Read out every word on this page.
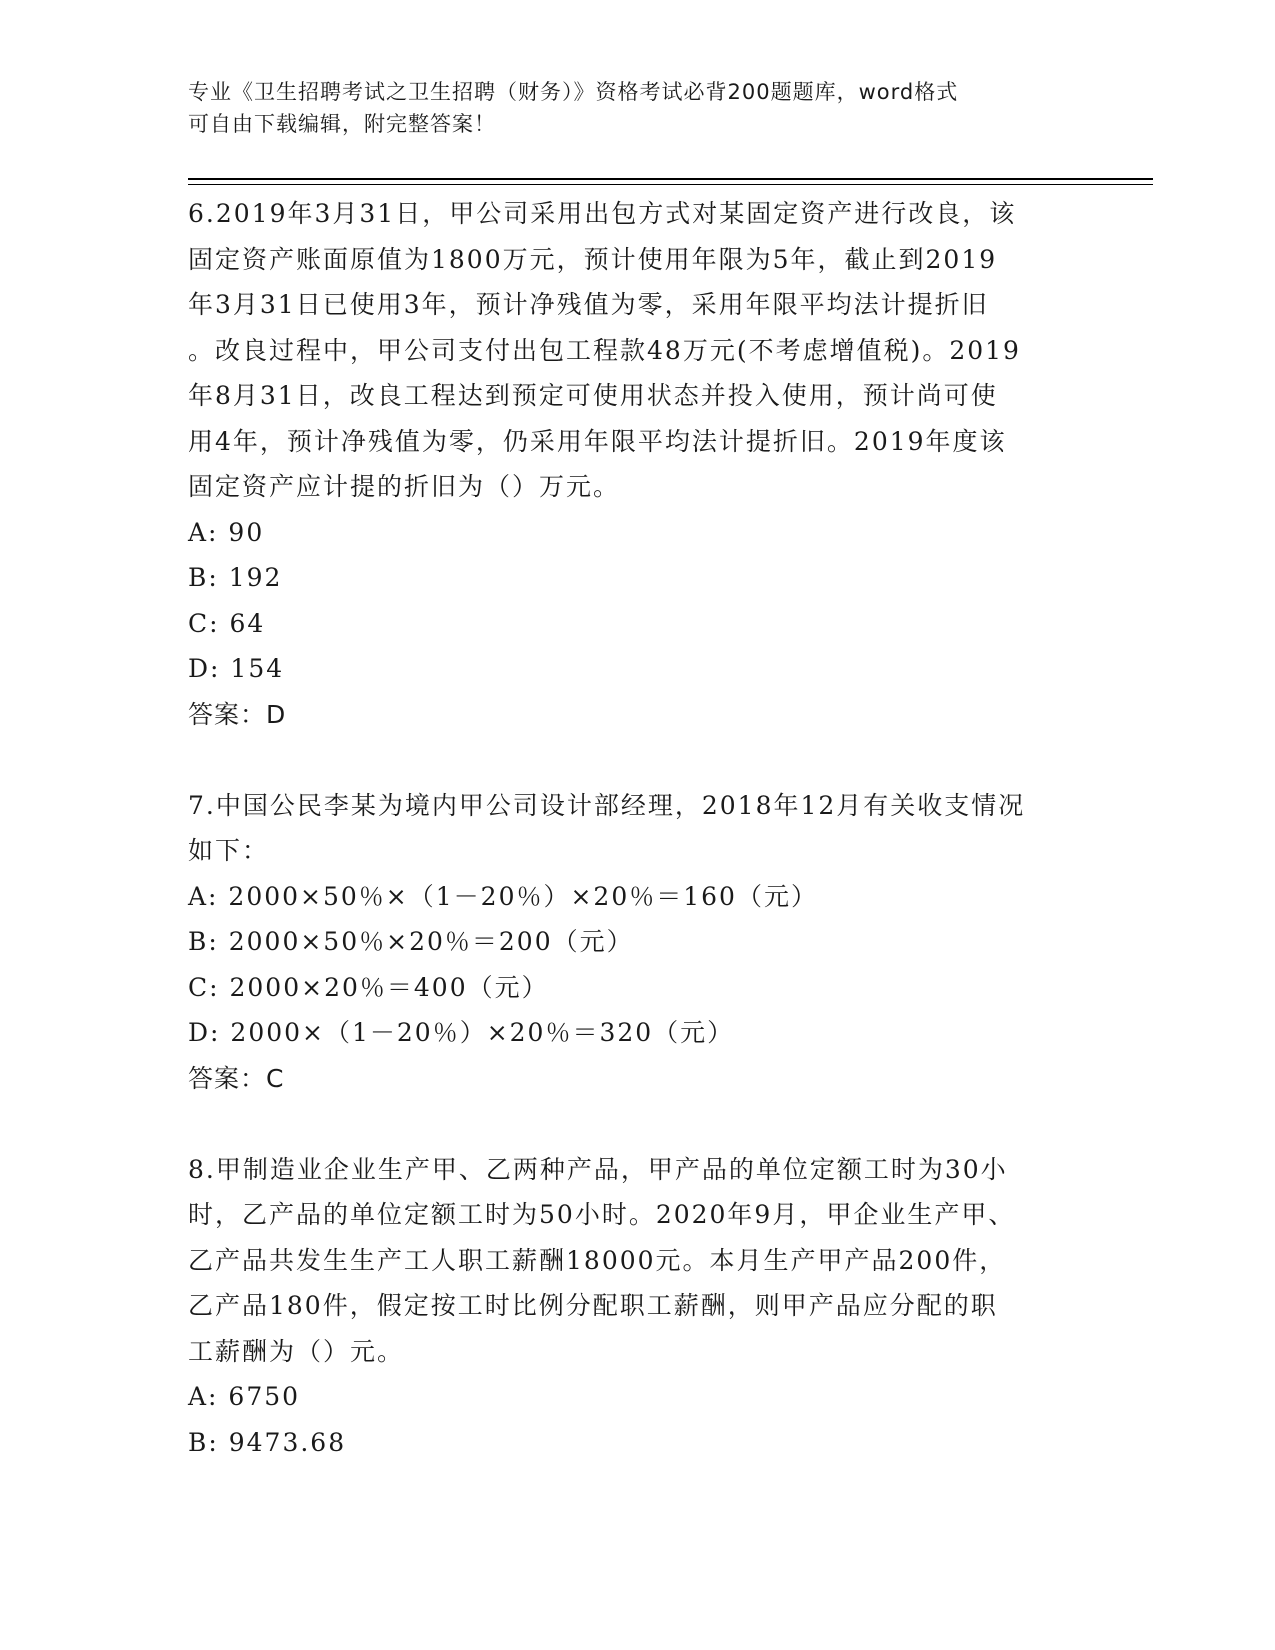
专业《卫生招聘考试之卫生招聘（财务）》资格考试必背200题题库，word格式
可自由下载编辑，附完整答案！

6.2019年3月31日，甲公司采用出包方式对某固定资产进行改良，该

固定资产账面原值为1800万元，预计使用年限为5年，截止到2019

年3月31日已使用3年，预计净残值为零，采用年限平均法计提折旧

。改良过程中，甲公司支付出包工程款48万元(不考虑增值税)。2019

年8月31日，改良工程达到预定可使用状态并投入使用，预计尚可使

用4年，预计净残值为零，仍采用年限平均法计提折旧。2019年度该

固定资产应计提的折旧为（）万元。

A: 90

B: 192

C: 64

D: 154

答案：D

7.中国公民李某为境内甲公司设计部经理，2018年12月有关收支情况

如下：

A: 2000×50％×（1－20％）×20％＝160（元）

B: 2000×50％×20％＝200（元）

C: 2000×20％＝400（元）

D: 2000×（1－20％）×20％＝320（元）

答案：C

8.甲制造业企业生产甲、乙两种产品，甲产品的单位定额工时为30小

时，乙产品的单位定额工时为50小时。2020年9月，甲企业生产甲、

乙产品共发生生产工人职工薪酬18000元。本月生产甲产品200件，

乙产品180件，假定按工时比例分配职工薪酬，则甲产品应分配的职

工薪酬为（）元。

A: 6750

B: 9473.68
